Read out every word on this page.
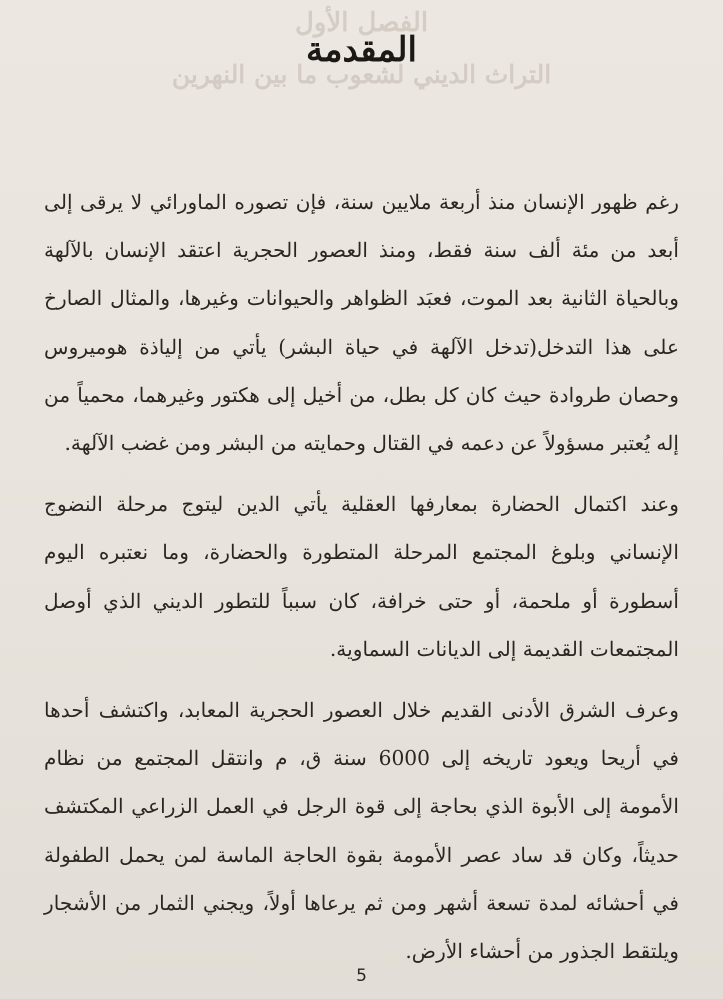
الفصل الأول
التراث الديني لشعوب ما بين النهرين
المقدمة

رغم ظهور الإنسان منذ أربعة ملايين سنة، فإن تصوره الماورائي لا يرقى إلى أبعد من مئة ألف سنة فقط، ومنذ العصور الحجرية اعتقد الإنسان بالآلهة وبالحياة الثانية بعد الموت، فعبَد الظواهر والحيوانات وغيرها، والمثال الصارخ على هذا التدخل(تدخل الآلهة في حياة البشر) يأتي من إلياذة هوميروس وحصان طروادة حيث كان كل بطل، من أخيل إلى هكتور وغيرهما، محمياً من إله يُعتبر مسؤولاً عن دعمه في القتال وحمايته من البشر ومن غضب الآلهة.

وعند اكتمال الحضارة بمعارفها العقلية يأتي الدين ليتوج مرحلة النضوج الإنساني وبلوغ المجتمع المرحلة المتطورة والحضارة، وما نعتبره اليوم أسطورة أو ملحمة، أو حتى خرافة، كان سبباً للتطور الديني الذي أوصل المجتمعات القديمة إلى الديانات السماوية.

وعرف الشرق الأدنى القديم خلال العصور الحجرية المعابد، واكتشف أحدها في أريحا ويعود تاريخه إلى 6000 سنة ق، م وانتقل المجتمع من نظام الأمومة إلى الأبوة الذي بحاجة إلى قوة الرجل في العمل الزراعي المكتشف حديثاً، وكان قد ساد عصر الأمومة بقوة الحاجة الماسة لمن يحمل الطفولة في أحشائه لمدة تسعة أشهر ومن ثم يرعاها أولاً، ويجني الثمار من الأشجار ويلتقط الجذور من أحشاء الأرض.

5
